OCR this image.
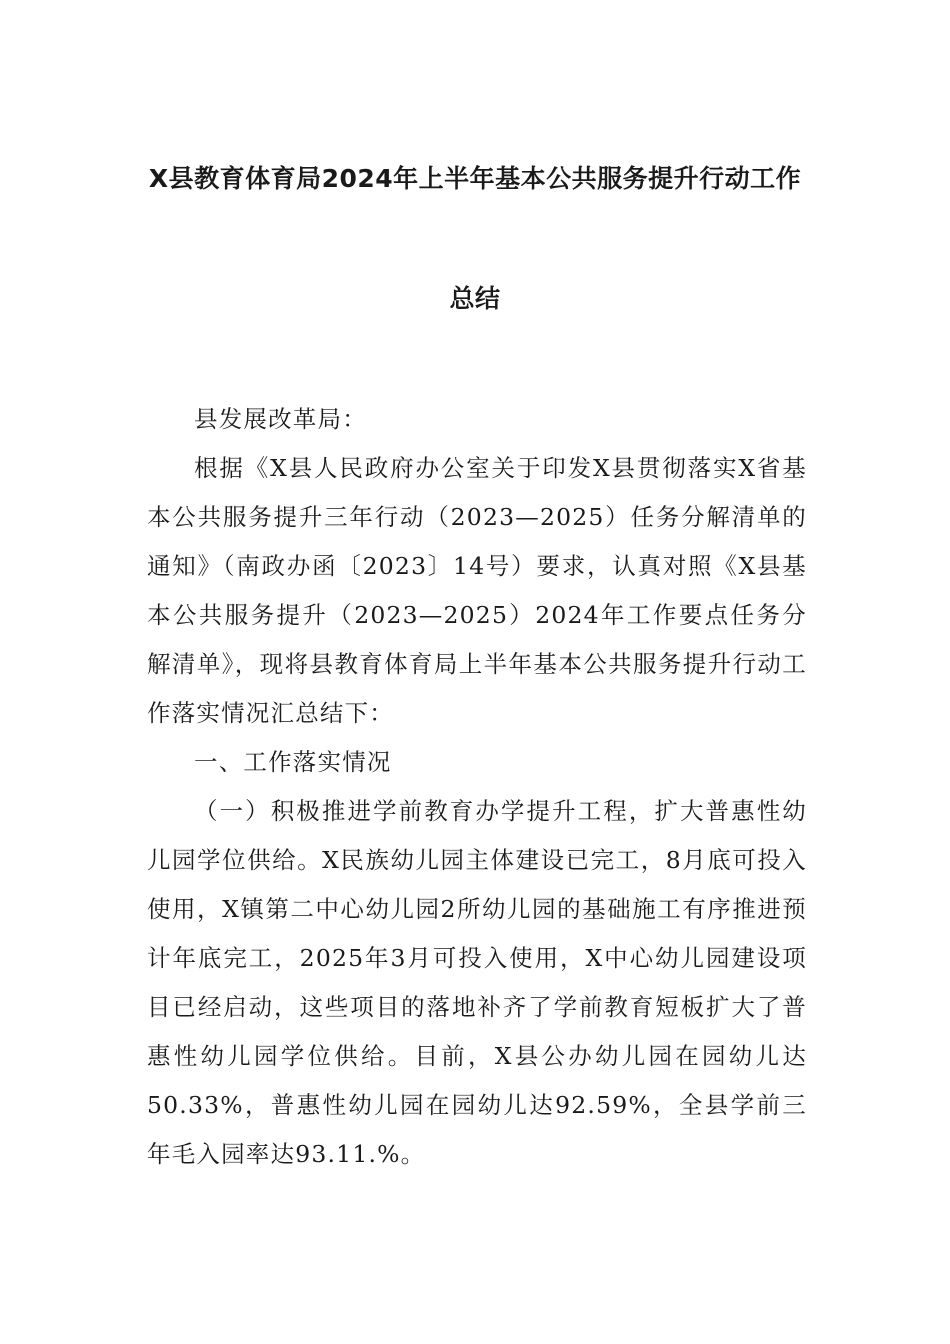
X县教育体育局2024年上半年基本公共服务提升行动工作
总结

县发展改革局：

根据《X县人民政府办公室关于印发X县贯彻落实X省基本公共服务提升三年行动（2023—2025）任务分解清单的通知》（南政办函〔2023〕14号）要求，认真对照《X县基本公共服务提升（2023—2025）2024年工作要点任务分解清单》，现将县教育体育局上半年基本公共服务提升行动工作落实情况汇总结下：

一、工作落实情况

（一）积极推进学前教育办学提升工程，扩大普惠性幼儿园学位供给。X民族幼儿园主体建设已完工，8月底可投入使用，X镇第二中心幼儿园2所幼儿园的基础施工有序推进预计年底完工，2025年3月可投入使用，X中心幼儿园建设项目已经启动，这些项目的落地补齐了学前教育短板扩大了普惠性幼儿园学位供给。目前，X县公办幼儿园在园幼儿达50.33%，普惠性幼儿园在园幼儿达92.59%，全县学前三年毛入园率达93.11.%。
